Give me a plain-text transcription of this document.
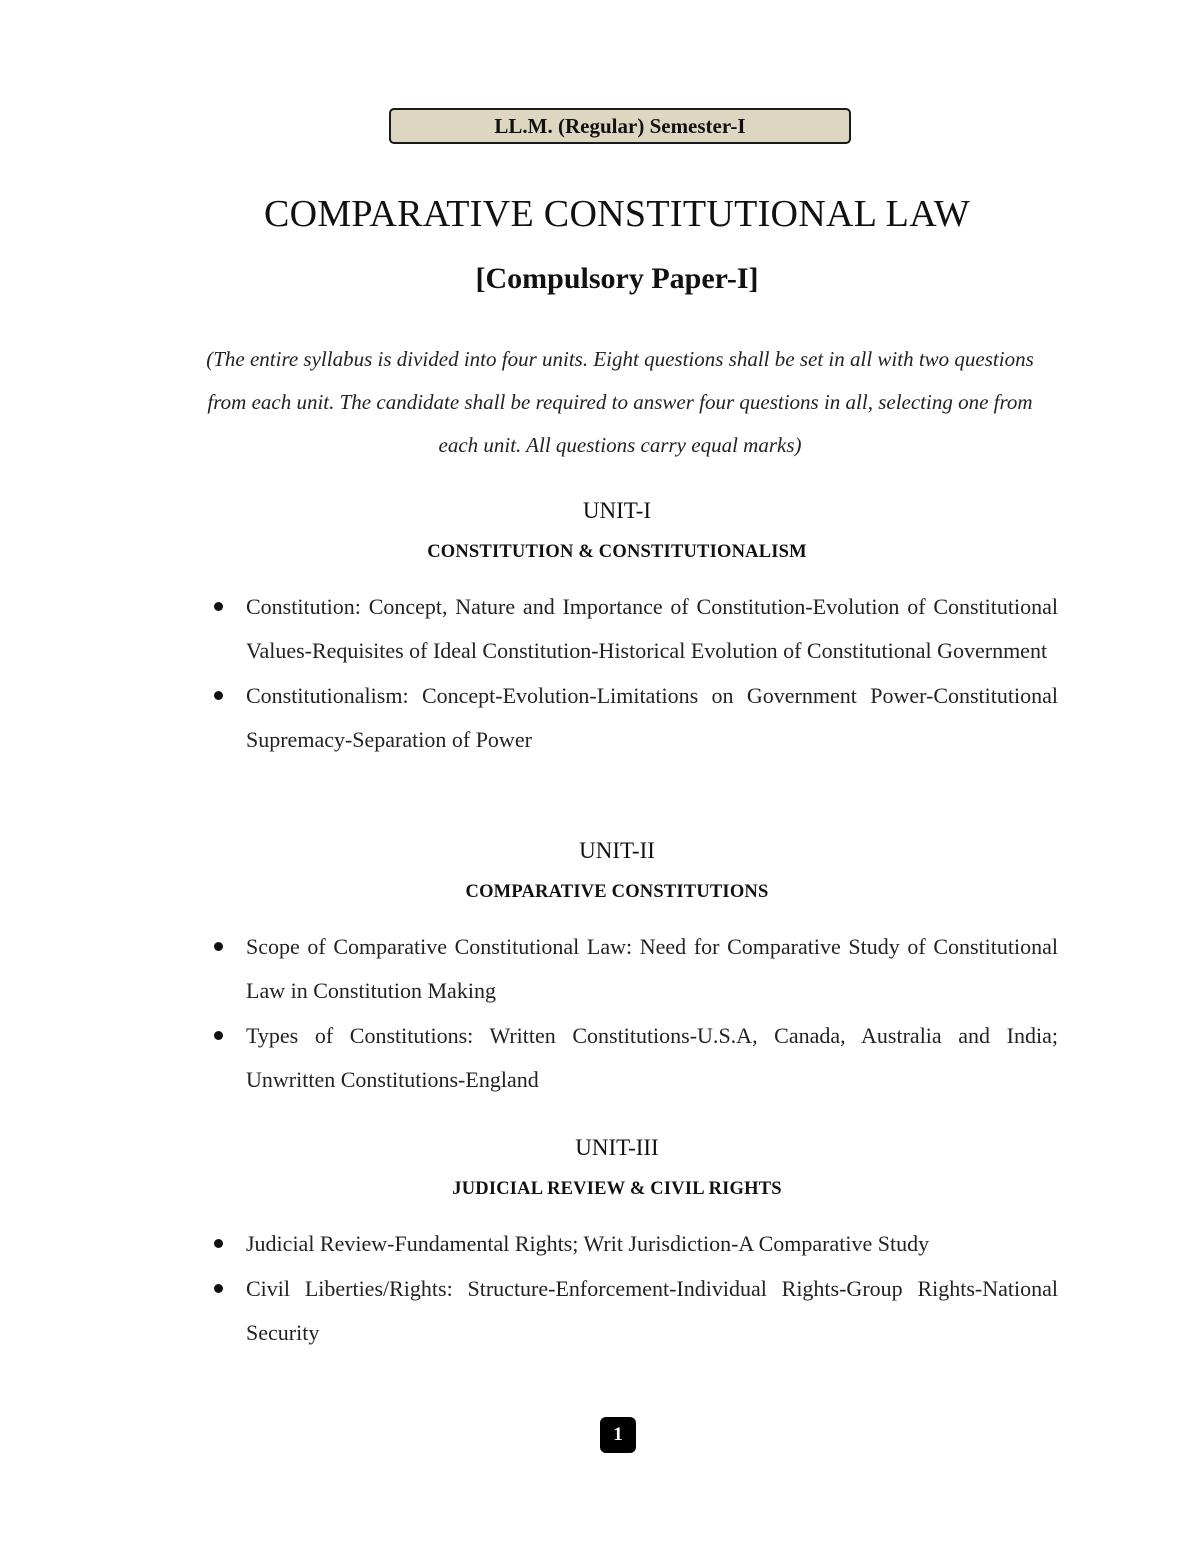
LL.M. (Regular) Semester-I
COMPARATIVE CONSTITUTIONAL LAW
[Compulsory Paper-I]
(The entire syllabus is divided into four units. Eight questions shall be set in all with two questions from each unit. The candidate shall be required to answer four questions in all, selecting one from each unit. All questions carry equal marks)
UNIT-I
CONSTITUTION & CONSTITUTIONALISM
Constitution: Concept, Nature and Importance of Constitution-Evolution of Constitutional Values-Requisites of Ideal Constitution-Historical Evolution of Constitutional Government
Constitutionalism: Concept-Evolution-Limitations on Government Power-Constitutional Supremacy-Separation of Power
UNIT-II
COMPARATIVE CONSTITUTIONS
Scope of Comparative Constitutional Law: Need for Comparative Study of Constitutional Law in Constitution Making
Types of Constitutions: Written Constitutions-U.S.A, Canada, Australia and India; Unwritten Constitutions-England
UNIT-III
JUDICIAL REVIEW & CIVIL RIGHTS
Judicial Review-Fundamental Rights; Writ Jurisdiction-A Comparative Study
Civil Liberties/Rights: Structure-Enforcement-Individual Rights-Group Rights-National Security
1
